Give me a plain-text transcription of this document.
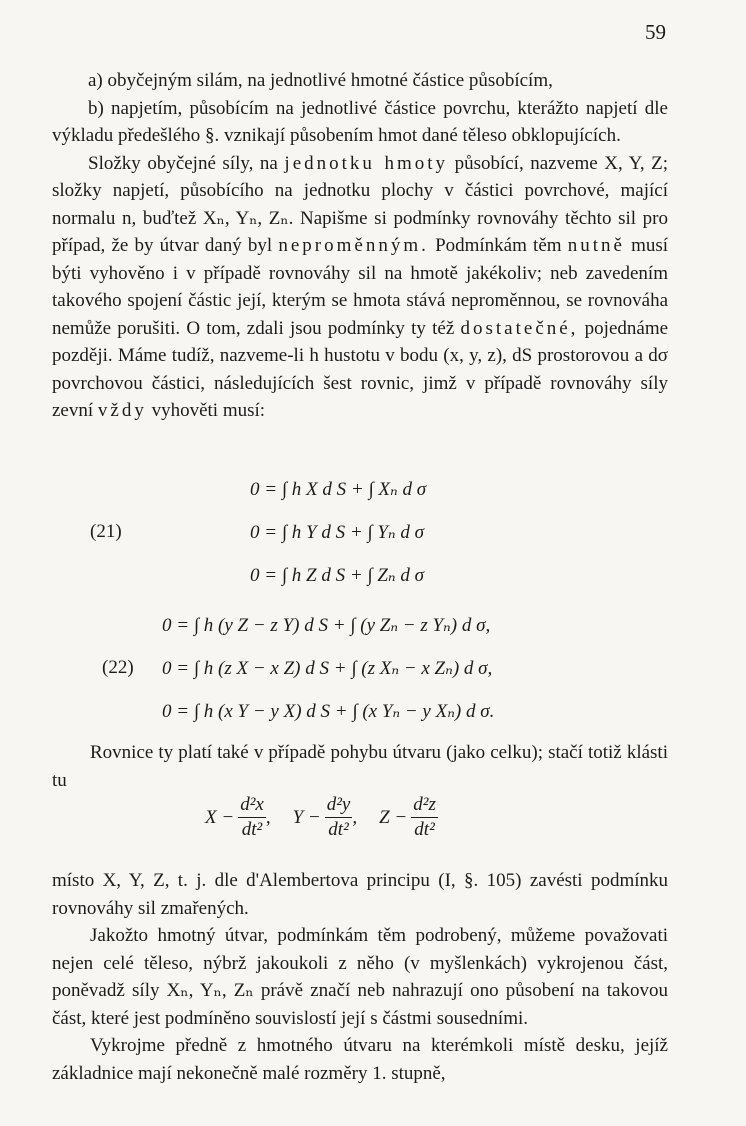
59

a) obyčejným silám, na jednotlivé hmotné částice působícím,

b) napjetím, působícím na jednotlivé částice povrchu, kterážto napjetí dle výkladu předešlého §. vznikají působením hmot dané těleso obklopujících.

Složky obyčejné síly, na jednotku hmoty působící, nazveme X, Y, Z; složky napjetí, působícího na jednotku plochy v částici povrchové, mající normalu n, buďtež Xₙ, Yₙ, Zₙ. Napišme si podmínky rovnováhy těchto sil pro případ, že by útvar daný byl neproměnným. Podmínkám těm nutně musí býti vyhověno i v případě rovnováhy sil na hmotě jakékoliv; neb zavedením takového spojení částic její, kterým se hmota stává neproměnnou, se rovnováha nemůže porušiti. O tom, zdali jsou podmínky ty též dostatečné, pojednáme později. Máme tudíž, nazveme-li h hustotu v bodu (x, y, z), dS prostorovou a dσ povrchovou částici, následujících šest rovnic, jimž v případě rovnováhy síly zevní vždy vyhověti musí:

(21)
0 = ∫ h X d S + ∫ Xₙ d σ
0 = ∫ h Y d S + ∫ Yₙ d σ
0 = ∫ h Z d S + ∫ Zₙ d σ
(22)
0 = ∫ h (y Z − z Y) d S + ∫ (y Zₙ − z Yₙ) d σ,
0 = ∫ h (z X − x Z) d S + ∫ (z Xₙ − x Zₙ) d σ,
0 = ∫ h (x Y − y X) d S + ∫ (x Yₙ − y Xₙ) d σ.

Rovnice ty platí také v případě pohybu útvaru (jako celku); stačí totiž klásti tu

$X - \frac{\text{d²x}}{\text{dt²}}$ , $Y - \frac{\text{d²y}}{\text{dt²}}$ , $Z - \frac{\text{d²z}}{\text{dt²}}$

místo X, Y, Z, t. j. dle d'Alembertova principu (I, §. 105) zavésti podmínku rovnováhy sil zmařených.

Jakožto hmotný útvar, podmínkám těm podrobený, můžeme považovati nejen celé těleso, nýbrž jakoukoli z něho (v myšlenkách) vykrojenou část, poněvadž síly Xₙ, Yₙ, Zₙ právě značí neb nahrazují ono působení na takovou část, které jest podmíněno souvislostí její s částmi sousedními.

Vykrojme předně z hmotného útvaru na kterémkoli místě desku, jejíž základnice mají nekonečně malé rozměry 1. stupně,
